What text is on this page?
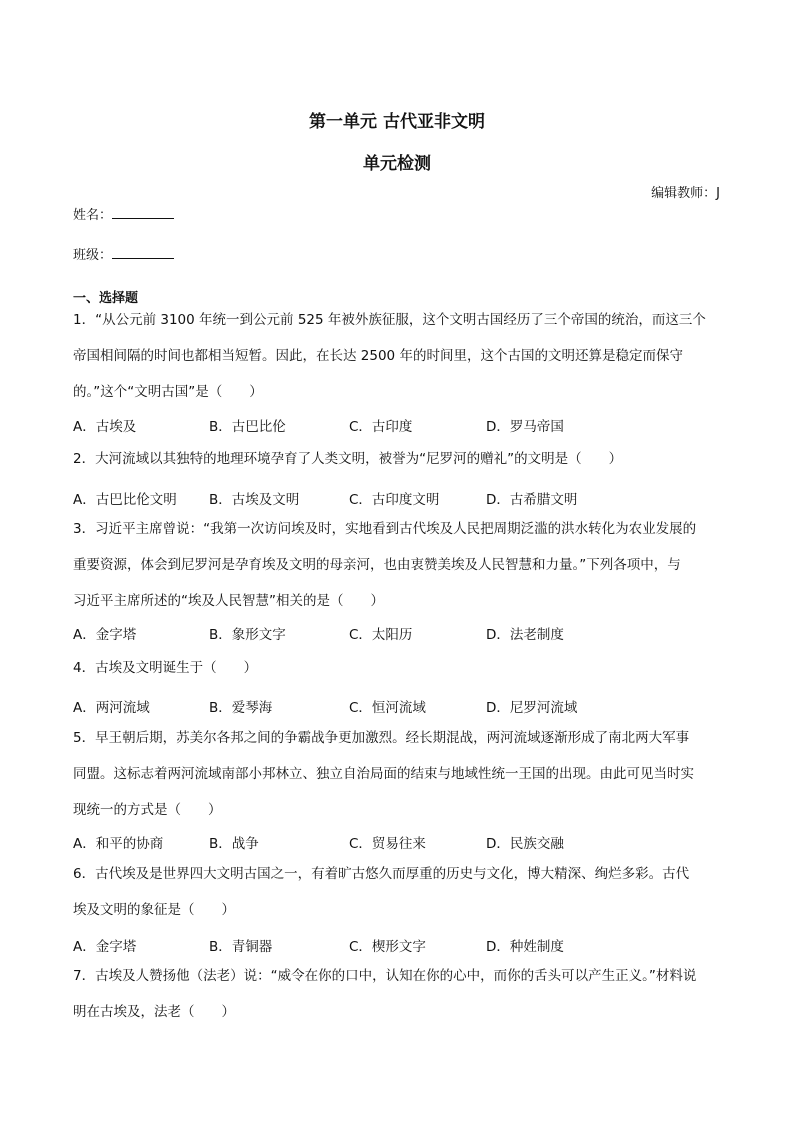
第一单元 古代亚非文明
单元检测
编辑教师：J
姓名：
班级：
一、选择题
1．“从公元前 3100 年统一到公元前 525 年被外族征服，这个文明古国经历了三个帝国的统治，而这三个
帝国相间隔的时间也都相当短暂。因此，在长达 2500 年的时间里，这个古国的文明还算是稳定而保守
的。”这个“文明古国”是（　　）
A．古埃及	B．古巴比伦	C．古印度	D．罗马帝国
2．大河流域以其独特的地理环境孕育了人类文明，被誉为“尼罗河的赠礼”的文明是（　　）
A．古巴比伦文明 B．古埃及文明	C．古印度文明	D．古希腊文明
3．习近平主席曾说：“我第一次访问埃及时，实地看到古代埃及人民把周期泛滥的洪水转化为农业发展的
重要资源，体会到尼罗河是孕育埃及文明的母亲河，也由衷赞美埃及人民智慧和力量。”下列各项中，与
习近平主席所述的“埃及人民智慧”相关的是（　　）
A．金字塔	B．象形文字	C．太阳历	D．法老制度
4．古埃及文明诞生于（　　）
A．两河流域	B．爱琴海	C．恒河流域	D．尼罗河流域
5．早王朝后期，苏美尔各邦之间的争霸战争更加激烈。经长期混战，两河流域逐渐形成了南北两大军事
同盟。这标志着两河流域南部小邦林立、独立自治局面的结束与地域性统一王国的出现。由此可见当时实
现统一的方式是（　　）
A．和平的协商	B．战争	C．贸易往来	D．民族交融
6．古代埃及是世界四大文明古国之一，有着旷古悠久而厚重的历史与文化，博大精深、绚烂多彩。古代
埃及文明的象征是（　　）
A．金字塔	B．青铜器	C．楔形文字	D．种姓制度
7．古埃及人赞扬他（法老）说：“威令在你的口中，认知在你的心中，而你的舌头可以产生正义。”材料说
明在古埃及，法老（　　）
